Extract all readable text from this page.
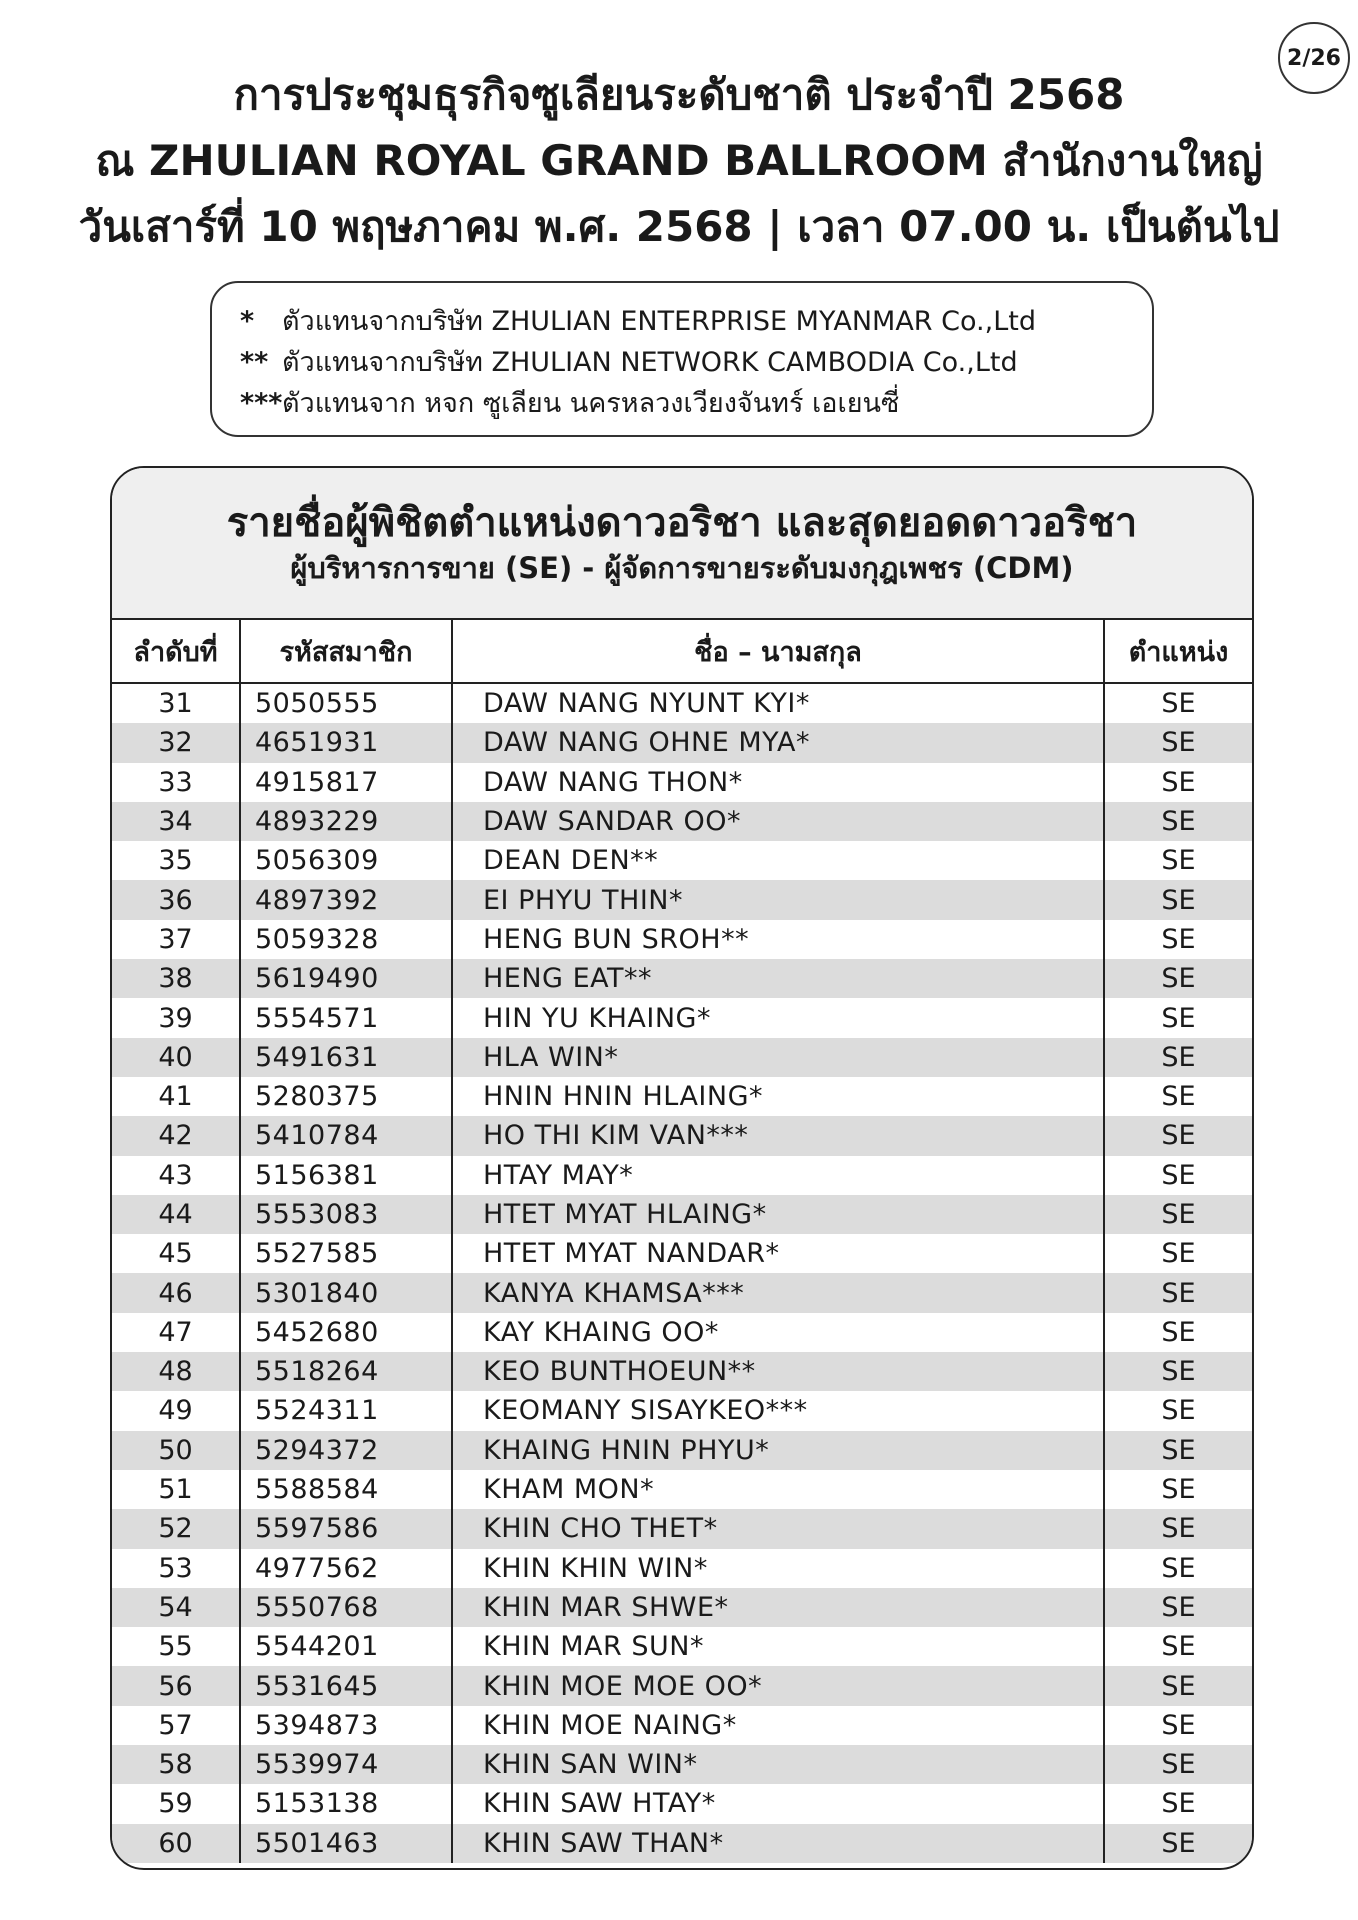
2/26
การประชุมธุรกิจซูเลียนระดับชาติ ประจำปี 2568
ณ ZHULIAN ROYAL GRAND BALLROOM สำนักงานใหญ่
วันเสาร์ที่ 10 พฤษภาคม พ.ศ. 2568 | เวลา 07.00 น. เป็นต้นไป
*	ตัวแทนจากบริษัท ZHULIAN ENTERPRISE MYANMAR Co.,Ltd
** ตัวแทนจากบริษัท ZHULIAN NETWORK CAMBODIA Co.,Ltd
*** ตัวแทนจาก หจก ซูเลียน นครหลวงเวียงจันทร์ เอเยนซี่
รายชื่อผู้พิชิตตำแหน่งดาวอริชา และสุดยอดดาวอริชา
ผู้บริหารการขาย (SE) - ผู้จัดการขายระดับมงกุฎเพชร (CDM)
ลำดับที่	รหัสสมาชิก	ชื่อ – นามสกุล	ตำแหน่ง
31	5050555	DAW NANG NYUNT KYI*	SE
32	4651931	DAW NANG OHNE MYA*	SE
33	4915817	DAW NANG THON*	SE
34	4893229	DAW SANDAR OO*	SE
35	5056309	DEAN DEN**	SE
36	4897392	EI PHYU THIN*	SE
37	5059328	HENG BUN SROH**	SE
38	5619490	HENG EAT**	SE
39	5554571	HIN YU KHAING*	SE
40	5491631	HLA WIN*	SE
41	5280375	HNIN HNIN HLAING*	SE
42	5410784	HO THI KIM VAN***	SE
43	5156381	HTAY MAY*	SE
44	5553083	HTET MYAT HLAING*	SE
45	5527585	HTET MYAT NANDAR*	SE
46	5301840	KANYA KHAMSA***	SE
47	5452680	KAY KHAING OO*	SE
48	5518264	KEO BUNTHOEUN**	SE
49	5524311	KEOMANY SISAYKEO***	SE
50	5294372	KHAING HNIN PHYU*	SE
51	5588584	KHAM MON*	SE
52	5597586	KHIN CHO THET*	SE
53	4977562	KHIN KHIN WIN*	SE
54	5550768	KHIN MAR SHWE*	SE
55	5544201	KHIN MAR SUN*	SE
56	5531645	KHIN MOE MOE OO*	SE
57	5394873	KHIN MOE NAING*	SE
58	5539974	KHIN SAN WIN*	SE
59	5153138	KHIN SAW HTAY*	SE
60	5501463	KHIN SAW THAN*	SE
